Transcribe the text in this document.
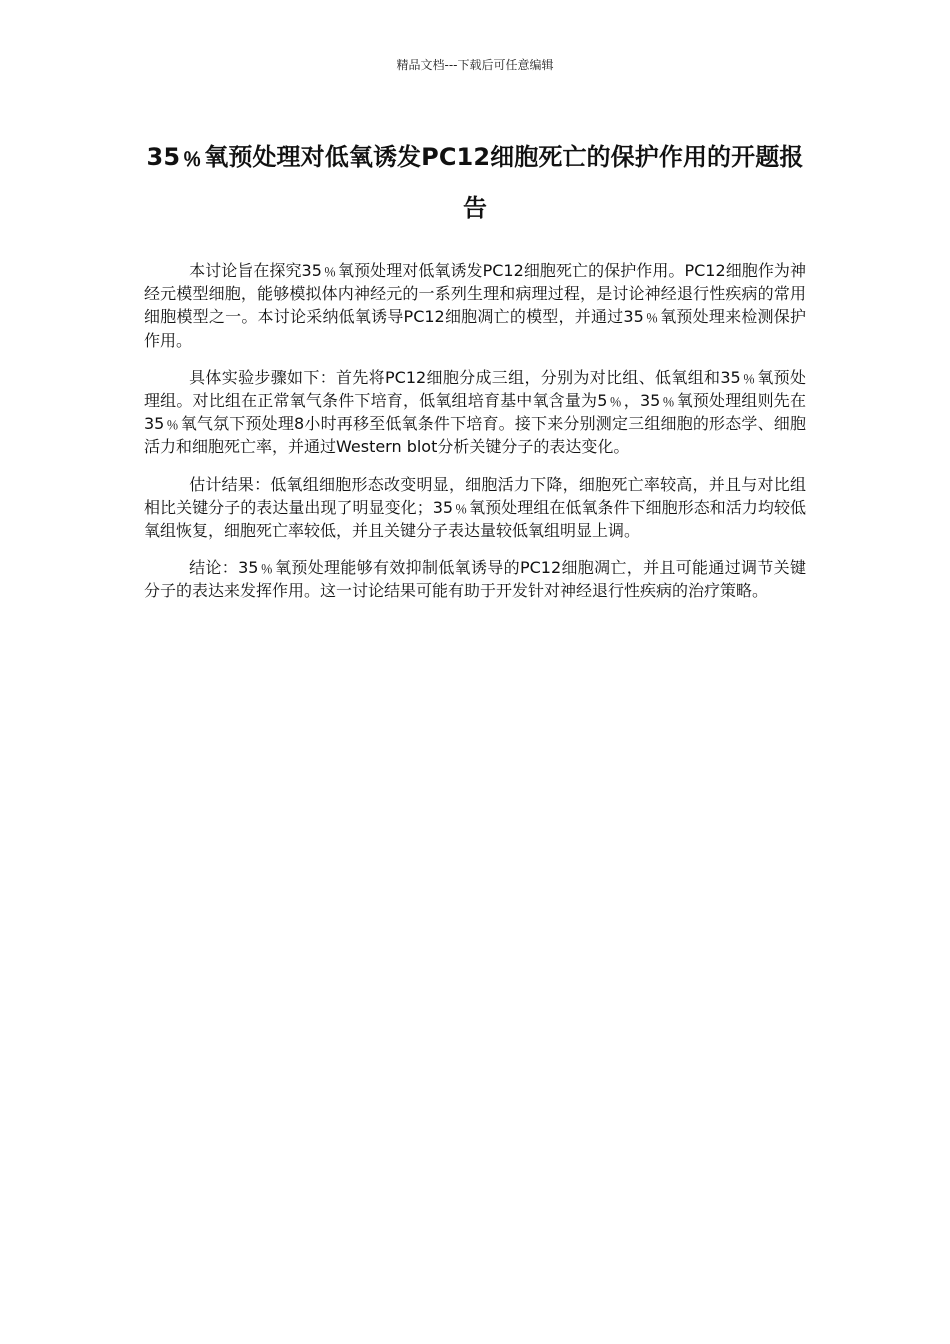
精品文档---下载后可任意编辑
35﹪氧预处理对低氧诱发PC12细胞死亡的保护作用的开题报告

本讨论旨在探究35﹪氧预处理对低氧诱发PC12细胞死亡的保护作用。PC12细胞作为神经元模型细胞，能够模拟体内神经元的一系列生理和病理过程，是讨论神经退行性疾病的常用细胞模型之一。本讨论采纳低氧诱导PC12细胞凋亡的模型，并通过35﹪氧预处理来检测保护作用。

具体实验步骤如下：首先将PC12细胞分成三组，分别为对比组、低氧组和35﹪氧预处理组。对比组在正常氧气条件下培育，低氧组培育基中氧含量为5﹪，35﹪氧预处理组则先在35﹪氧气氛下预处理8小时再移至低氧条件下培育。接下来分别测定三组细胞的形态学、细胞活力和细胞死亡率，并通过Western blot分析关键分子的表达变化。

估计结果：低氧组细胞形态改变明显，细胞活力下降，细胞死亡率较高，并且与对比组相比关键分子的表达量出现了明显变化；35﹪氧预处理组在低氧条件下细胞形态和活力均较低氧组恢复，细胞死亡率较低，并且关键分子表达量较低氧组明显上调。

结论：35﹪氧预处理能够有效抑制低氧诱导的PC12细胞凋亡，并且可能通过调节关键分子的表达来发挥作用。这一讨论结果可能有助于开发针对神经退行性疾病的治疗策略。
